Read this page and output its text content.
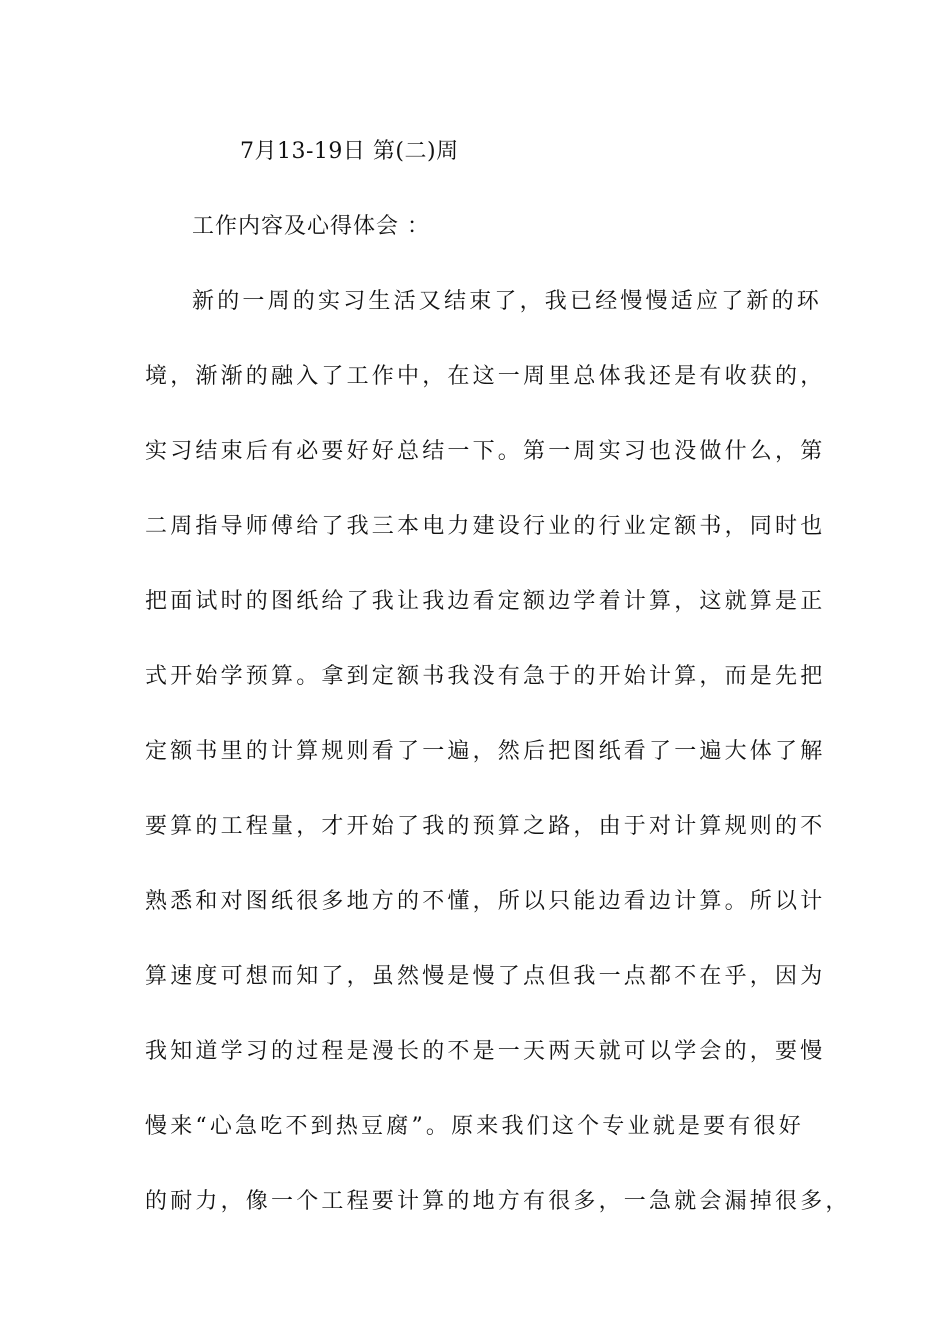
7月13-19日 第(二)周
工作内容及心得体会 ：
新的一周的实习生活又结束了，我已经慢慢适应了新的环
境，渐渐的融入了工作中，在这一周里总体我还是有收获的，
实习结束后有必要好好总结一下。第一周实习也没做什么，第
二周指导师傅给了我三本电力建设行业的行业定额书，同时也
把面试时的图纸给了我让我边看定额边学着计算，这就算是正
式开始学预算。拿到定额书我没有急于的开始计算，而是先把
定额书里的计算规则看了一遍，然后把图纸看了一遍大体了解
要算的工程量，才开始了我的预算之路，由于对计算规则的不
熟悉和对图纸很多地方的不懂，所以只能边看边计算。所以计
算速度可想而知了，虽然慢是慢了点但我一点都不在乎，因为
我知道学习的过程是漫长的不是一天两天就可以学会的，要慢
慢来“心急吃不到热豆腐”。原来我们这个专业就是要有很好
的耐力，像一个工程要计算的地方有很多，一急就会漏掉很多，
